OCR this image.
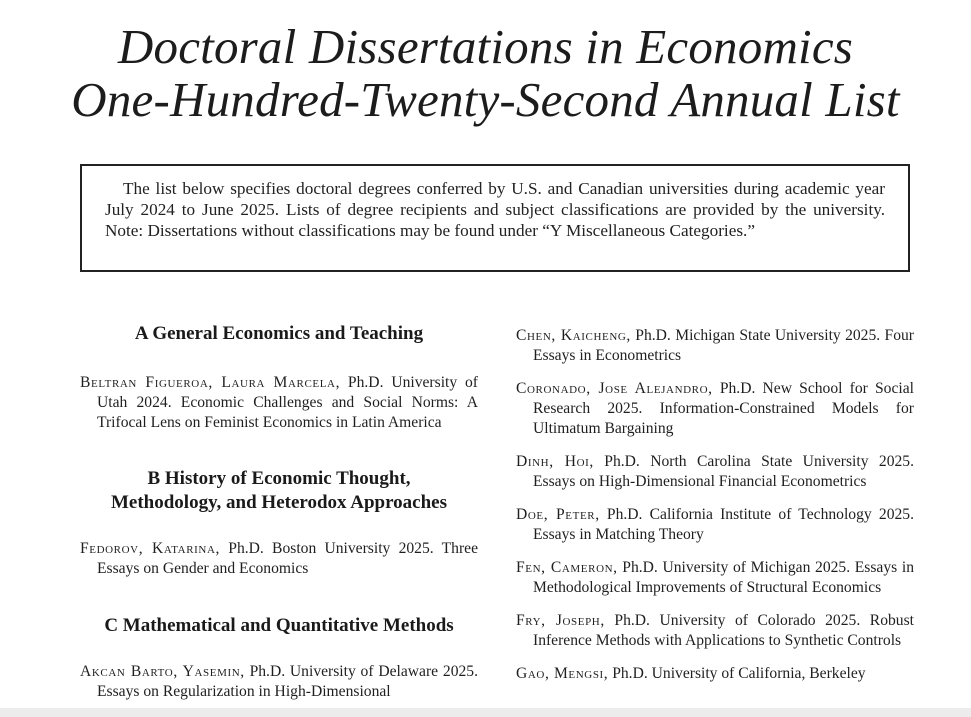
Doctoral Dissertations in Economics
One-Hundred-Twenty-Second Annual List

The list below specifies doctoral degrees conferred by U.S. and Canadian universities during academic year July 2024 to June 2025. Lists of degree recipients and subject classifications are provided by the university. Note: Dissertations without classifications may be found under “Y Miscellaneous Categories.”

A General Economics and Teaching

Beltran Figueroa, Laura Marcela, Ph.D. University of Utah 2024. Economic Challenges and Social Norms: A Trifocal Lens on Feminist Economics in Latin America

B History of Economic Thought,
Methodology, and Heterodox Approaches

Fedorov, Katarina, Ph.D. Boston University 2025. Three Essays on Gender and Economics

C Mathematical and Quantitative Methods

Akcan Barto, Yasemin, Ph.D. University of Delaware 2025. Essays on Regularization in High-Dimensional

Chen, Kaicheng, Ph.D. Michigan State University 2025. Four Essays in Econometrics

Coronado, Jose Alejandro, Ph.D. New School for Social Research 2025. Information-Constrained Models for Ultimatum Bargaining

Dinh, Hoi, Ph.D. North Carolina State University 2025. Essays on High-Dimensional Financial Econometrics

Doe, Peter, Ph.D. California Institute of Technology 2025. Essays in Matching Theory

Fen, Cameron, Ph.D. University of Michigan 2025. Essays in Methodological Improvements of Structural Economics

Fry, Joseph, Ph.D. University of Colorado 2025. Robust Inference Methods with Applications to Synthetic Controls

Gao, Mengsi, Ph.D. University of California, Berkeley
